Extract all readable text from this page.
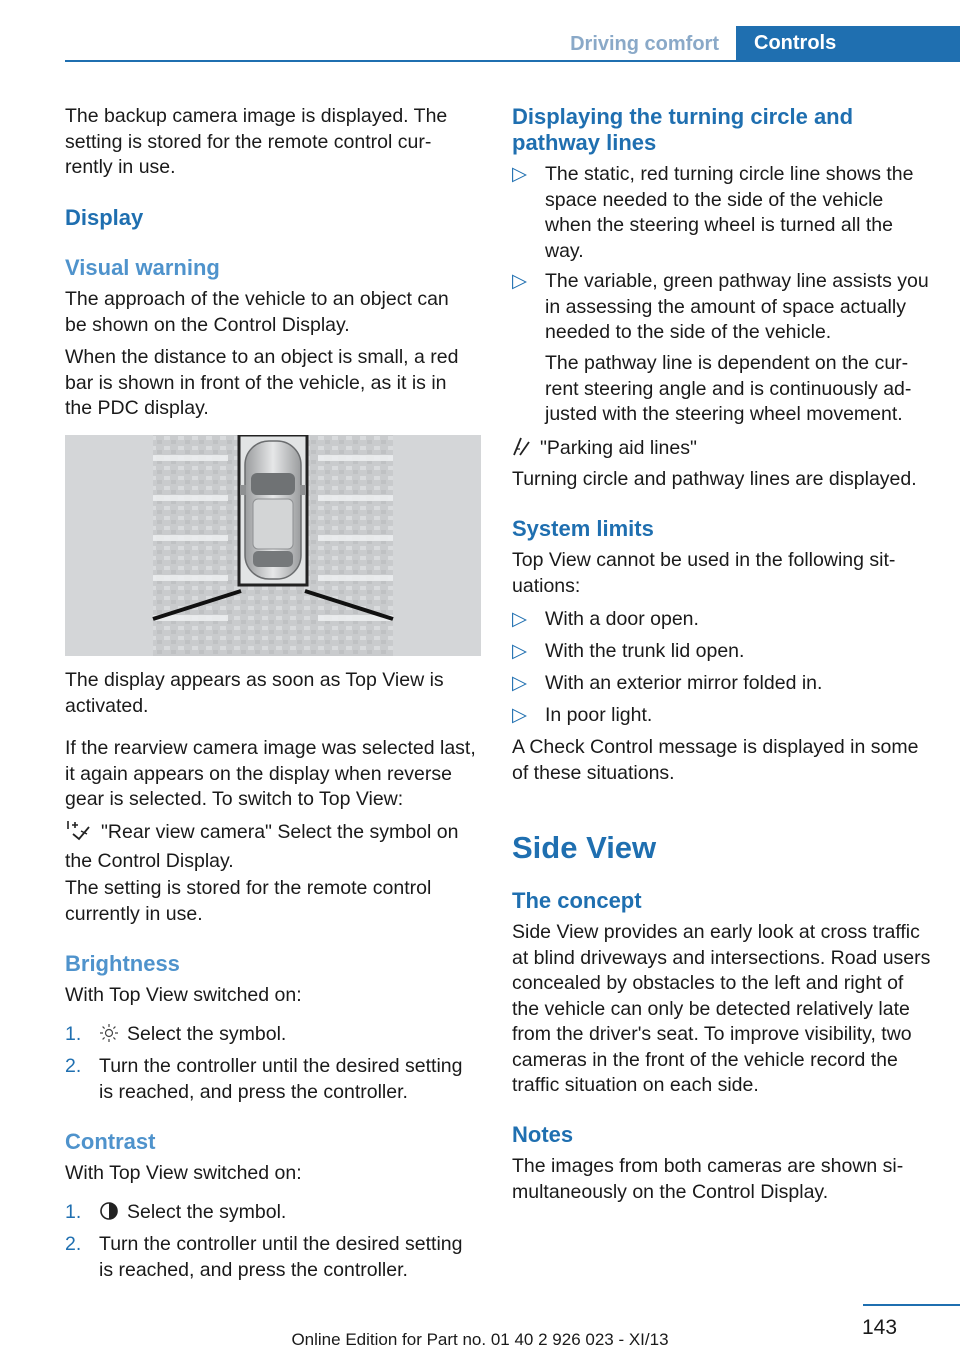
Driving comfort	Controls

The backup camera image is displayed. The setting is stored for the remote control currently in use.

Display
Visual warning

The approach of the vehicle to an object can be shown on the Control Display.

When the distance to an object is small, a red bar is shown in front of the vehicle, as it is in the PDC display.

The display appears as soon as Top View is activated.

If the rearview camera image was selected last, it again appears on the display when reverse gear is selected. To switch to Top View:

"Rear view camera" Select the symbol on the Control Display.

The setting is stored for the remote control currently in use.

Brightness

With Top View switched on:

1.	Select the symbol.
2. Turn the controller until the desired setting is reached, and press the controller.
Contrast

With Top View switched on:

1.	Select the symbol.
2. Turn the controller until the desired setting is reached, and press the controller.
Displaying the turning circle and pathway lines
▷ The static, red turning circle line shows the space needed to the side of the vehicle when the steering wheel is turned all the way.
▷ The variable, green pathway line assists you in assessing the amount of space actually needed to the side of the vehicle.

The pathway line is dependent on the current steering angle and is continuously adjusted with the steering wheel movement.

"Parking aid lines"

Turning circle and pathway lines are displayed.

System limits

Top View cannot be used in the following situations:

▷ With a door open.
▷ With the trunk lid open.
▷ With an exterior mirror folded in.
▷ In poor light.

A Check Control message is displayed in some of these situations.

Side View
The concept

Side View provides an early look at cross traffic at blind driveways and intersections. Road users concealed by obstacles to the left and right of the vehicle can only be detected relatively late from the driver's seat. To improve visibility, two cameras in the front of the vehicle record the traffic situation on each side.

Notes

The images from both cameras are shown simultaneously on the Control Display.

143
Online Edition for Part no. 01 40 2 926 023 - XI/13
